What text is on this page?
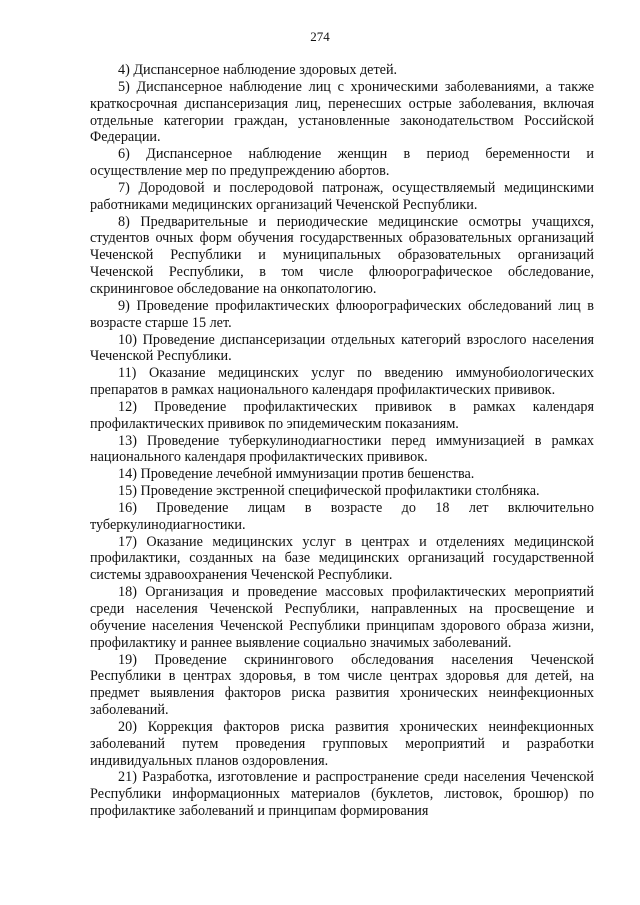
274

4) Диспансерное наблюдение здоровых детей.

5) Диспансерное наблюдение лиц с хроническими заболеваниями, а также краткосрочная диспансеризация лиц, перенесших острые заболевания, включая отдельные категории граждан, установленные законодательством Российской Федерации.

6) Диспансерное наблюдение женщин в период беременности и осуществление мер по предупреждению абортов.

7) Дородовой и послеродовой патронаж, осуществляемый медицинскими работниками медицинских организаций Чеченской Республики.

8) Предварительные и периодические медицинские осмотры учащихся, студентов очных форм обучения государственных образовательных организаций Чеченской Республики и муниципальных образовательных организаций Чеченской Республики, в том числе флюорографическое обследование, скрининговое обследование на онкопатологию.

9) Проведение профилактических флюорографических обследований лиц в возрасте старше 15 лет.

10) Проведение диспансеризации отдельных категорий взрослого населения Чеченской Республики.

11) Оказание медицинских услуг по введению иммунобиологических препаратов в рамках национального календаря профилактических прививок.

12) Проведение профилактических прививок в рамках календаря профилактических прививок по эпидемическим показаниям.

13) Проведение туберкулинодиагностики перед иммунизацией в рамках национального календаря профилактических прививок.

14) Проведение лечебной иммунизации против бешенства.

15) Проведение экстренной специфической профилактики столбняка.

16) Проведение лицам в возрасте до 18 лет включительно туберкулинодиагностики.

17) Оказание медицинских услуг в центрах и отделениях медицинской профилактики, созданных на базе медицинских организаций государственной системы здравоохранения Чеченской Республики.

18) Организация и проведение массовых профилактических мероприятий среди населения Чеченской Республики, направленных на просвещение и обучение населения Чеченской Республики принципам здорового образа жизни, профилактику и раннее выявление социально значимых заболеваний.

19) Проведение скринингового обследования населения Чеченской Республики в центрах здоровья, в том числе центрах здоровья для детей, на предмет выявления факторов риска развития хронических неинфекционных заболеваний.

20) Коррекция факторов риска развития хронических неинфекционных заболеваний путем проведения групповых мероприятий и разработки индивидуальных планов оздоровления.

21) Разработка, изготовление и распространение среди населения Чеченской Республики информационных материалов (буклетов, листовок, брошюр) по профилактике заболеваний и принципам формирования
